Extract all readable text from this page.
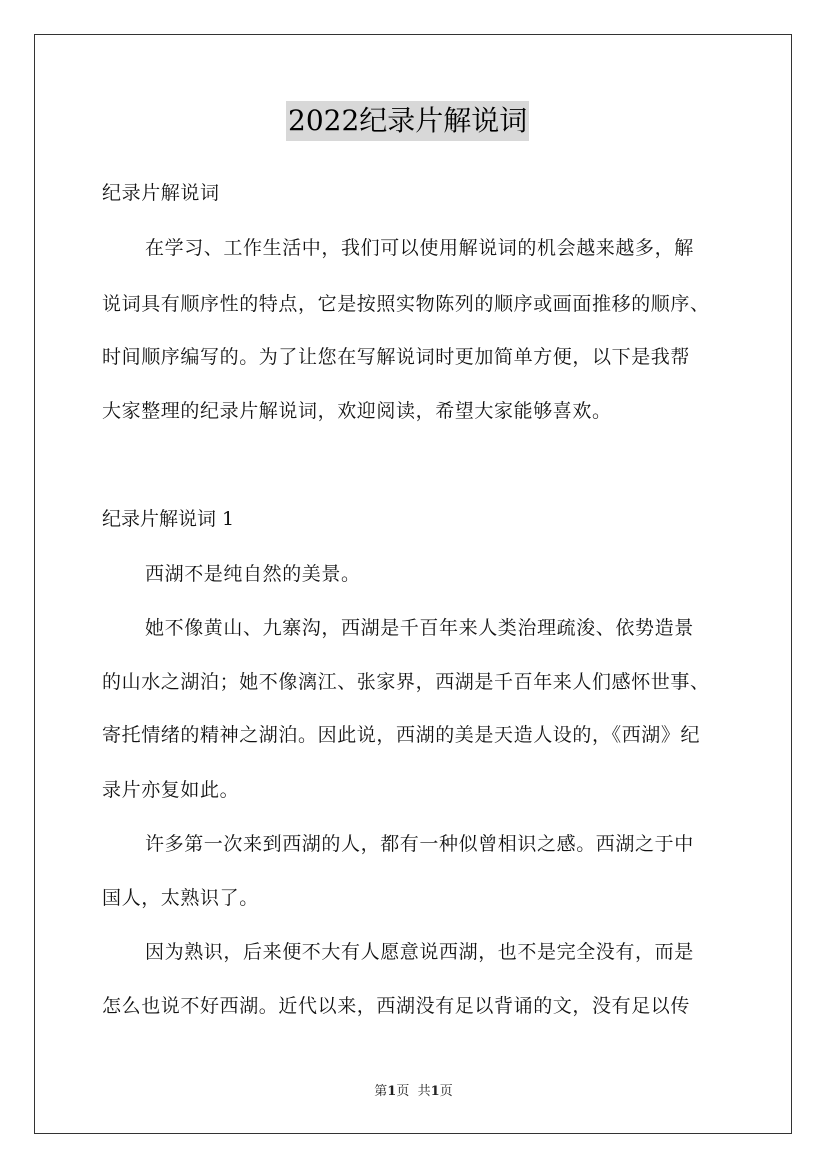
2022纪录片解说词
纪录片解说词
在学习、工作生活中，我们可以使用解说词的机会越来越多，解
说词具有顺序性的特点，它是按照实物陈列的顺序或画面推移的顺序、
时间顺序编写的。为了让您在写解说词时更加简单方便，以下是我帮
大家整理的纪录片解说词，欢迎阅读，希望大家能够喜欢。
纪录片解说词 1
西湖不是纯自然的美景。
她不像黄山、九寨沟，西湖是千百年来人类治理疏浚、依势造景
的山水之湖泊；她不像漓江、张家界，西湖是千百年来人们感怀世事、
寄托情绪的精神之湖泊。因此说，西湖的美是天造人设的，《西湖》纪
录片亦复如此。
许多第一次来到西湖的人，都有一种似曾相识之感。西湖之于中
国人，太熟识了。
因为熟识，后来便不大有人愿意说西湖，也不是完全没有，而是
怎么也说不好西湖。近代以来，西湖没有足以背诵的文，没有足以传
第1页 共1页
